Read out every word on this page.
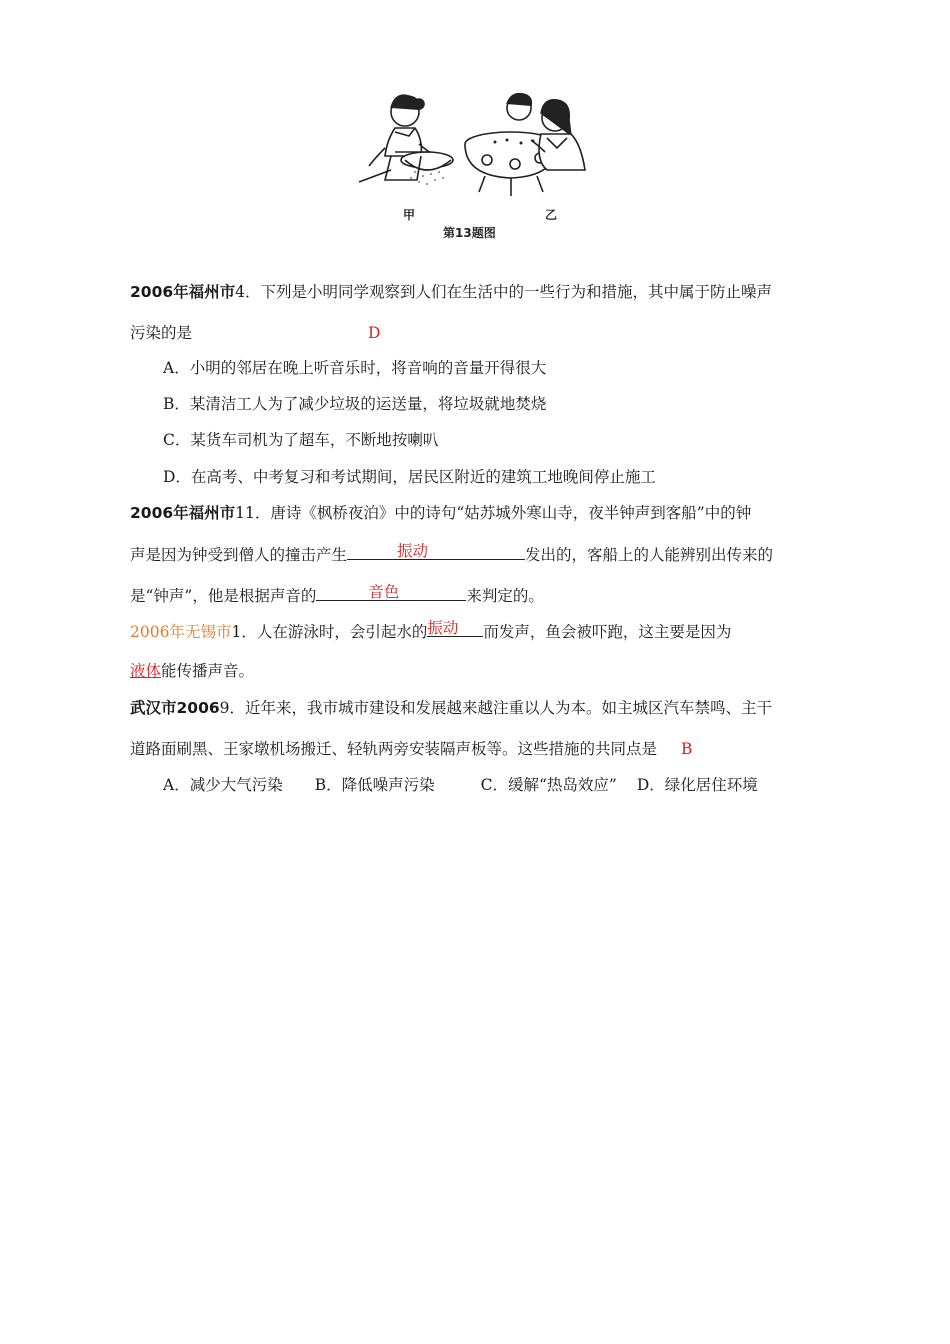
甲	乙
第13题图
2006年福州市4．下列是小明同学观察到人们在生活中的一些行为和措施，其中属于防止噪声
污染的是	D
A．小明的邻居在晚上听音乐时，将音响的音量开得很大
B．某清洁工人为了减少垃圾的运送量，将垃圾就地焚烧
C．某货车司机为了超车，不断地按喇叭
D．在高考、中考复习和考试期间，居民区附近的建筑工地晚间停止施工
2006年福州市11．唐诗《枫桥夜泊》中的诗句“姑苏城外寒山寺，夜半钟声到客船”中的钟
声是因为钟受到僧人的撞击产生	振动	发出的，客船上的人能辨别出传来的
是“钟声”，他是根据声音的	音色	来判定的。
2006年无锡市1．人在游泳时，会引起水的 振动 而发声，鱼会被吓跑，这主要是因为
液体能传播声音。
武汉市20069．近年来，我市城市建设和发展越来越注重以人为本。如主城区汽车禁鸣、主干
道路面刷黑、王家墩机场搬迁、轻轨两旁安装隔声板等。这些措施的共同点是 B
A．减少大气污染 B．降低噪声污染	C．缓解“热岛效应” D．绿化居住环境
